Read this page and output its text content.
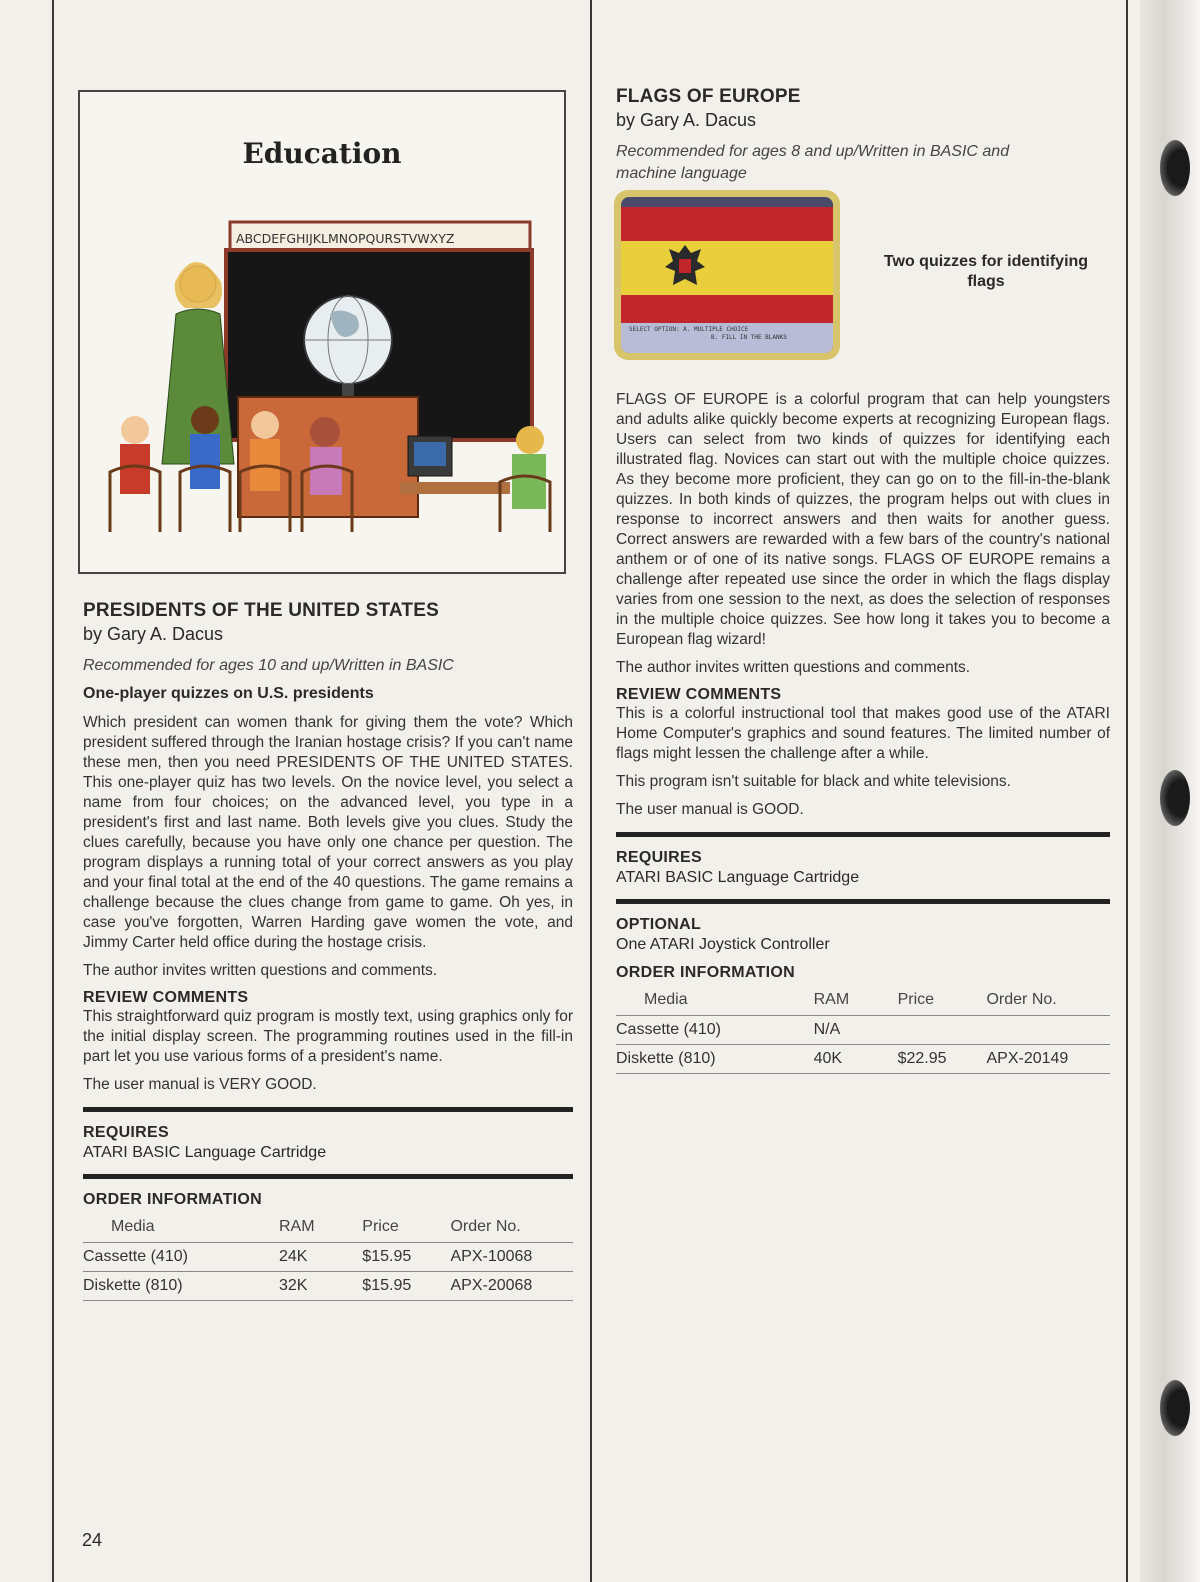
Education
ABCDEFGHIJKLMNOPQURSTVWXYZ
PRESIDENTS OF THE UNITED STATES
by Gary A. Dacus
Recommended for ages 10 and up/Written in BASIC
One-player quizzes on U.S. presidents

Which president can women thank for giving them the vote? Which president suffered through the Iranian hostage crisis? If you can't name these men, then you need PRESIDENTS OF THE UNITED STATES. This one-player quiz has two levels. On the novice level, you select a name from four choices; on the advanced level, you type in a president's first and last name. Both levels give you clues. Study the clues carefully, because you have only one chance per question. The program displays a running total of your correct answers as you play and your final total at the end of the 40 questions. The game remains a challenge because the clues change from game to game. Oh yes, in case you've forgotten, Warren Harding gave women the vote, and Jimmy Carter held office during the hostage crisis.

The author invites written questions and comments.

REVIEW COMMENTS

This straightforward quiz program is mostly text, using graphics only for the initial display screen. The programming routines used in the fill-in part let you use various forms of a president's name.

The user manual is VERY GOOD.

REQUIRES
ATARI BASIC Language Cartridge
ORDER INFORMATION
Media	RAM	Price	Order No.
Cassette (410)	24K	$15.95	APX-10068
Diskette (810)	32K	$15.95	APX-20068
FLAGS OF EUROPE
by Gary A. Dacus
Recommended for ages 8 and up/Written in BASIC and machine language
SELECT OPTION: A. MULTIPLE CHOICE
B. FILL IN THE BLANKS
Two quizzes for identifying flags

FLAGS OF EUROPE is a colorful program that can help youngsters and adults alike quickly become experts at recognizing European flags. Users can select from two kinds of quizzes for identifying each illustrated flag. Novices can start out with the multiple choice quizzes. As they become more proficient, they can go on to the fill-in-the-blank quizzes. In both kinds of quizzes, the program helps out with clues in response to incorrect answers and then waits for another guess. Correct answers are rewarded with a few bars of the country's national anthem or of one of its native songs. FLAGS OF EUROPE remains a challenge after repeated use since the order in which the flags display varies from one session to the next, as does the selection of responses in the multiple choice quizzes. See how long it takes you to become a European flag wizard!

The author invites written questions and comments.

REVIEW COMMENTS

This is a colorful instructional tool that makes good use of the ATARI Home Computer's graphics and sound features. The limited number of flags might lessen the challenge after a while.

This program isn't suitable for black and white televisions.

The user manual is GOOD.

REQUIRES
ATARI BASIC Language Cartridge
OPTIONAL
One ATARI Joystick Controller
ORDER INFORMATION
Media	RAM	Price	Order No.
Cassette (410)	N/A		
Diskette (810)	40K	$22.95	APX-20149
24
